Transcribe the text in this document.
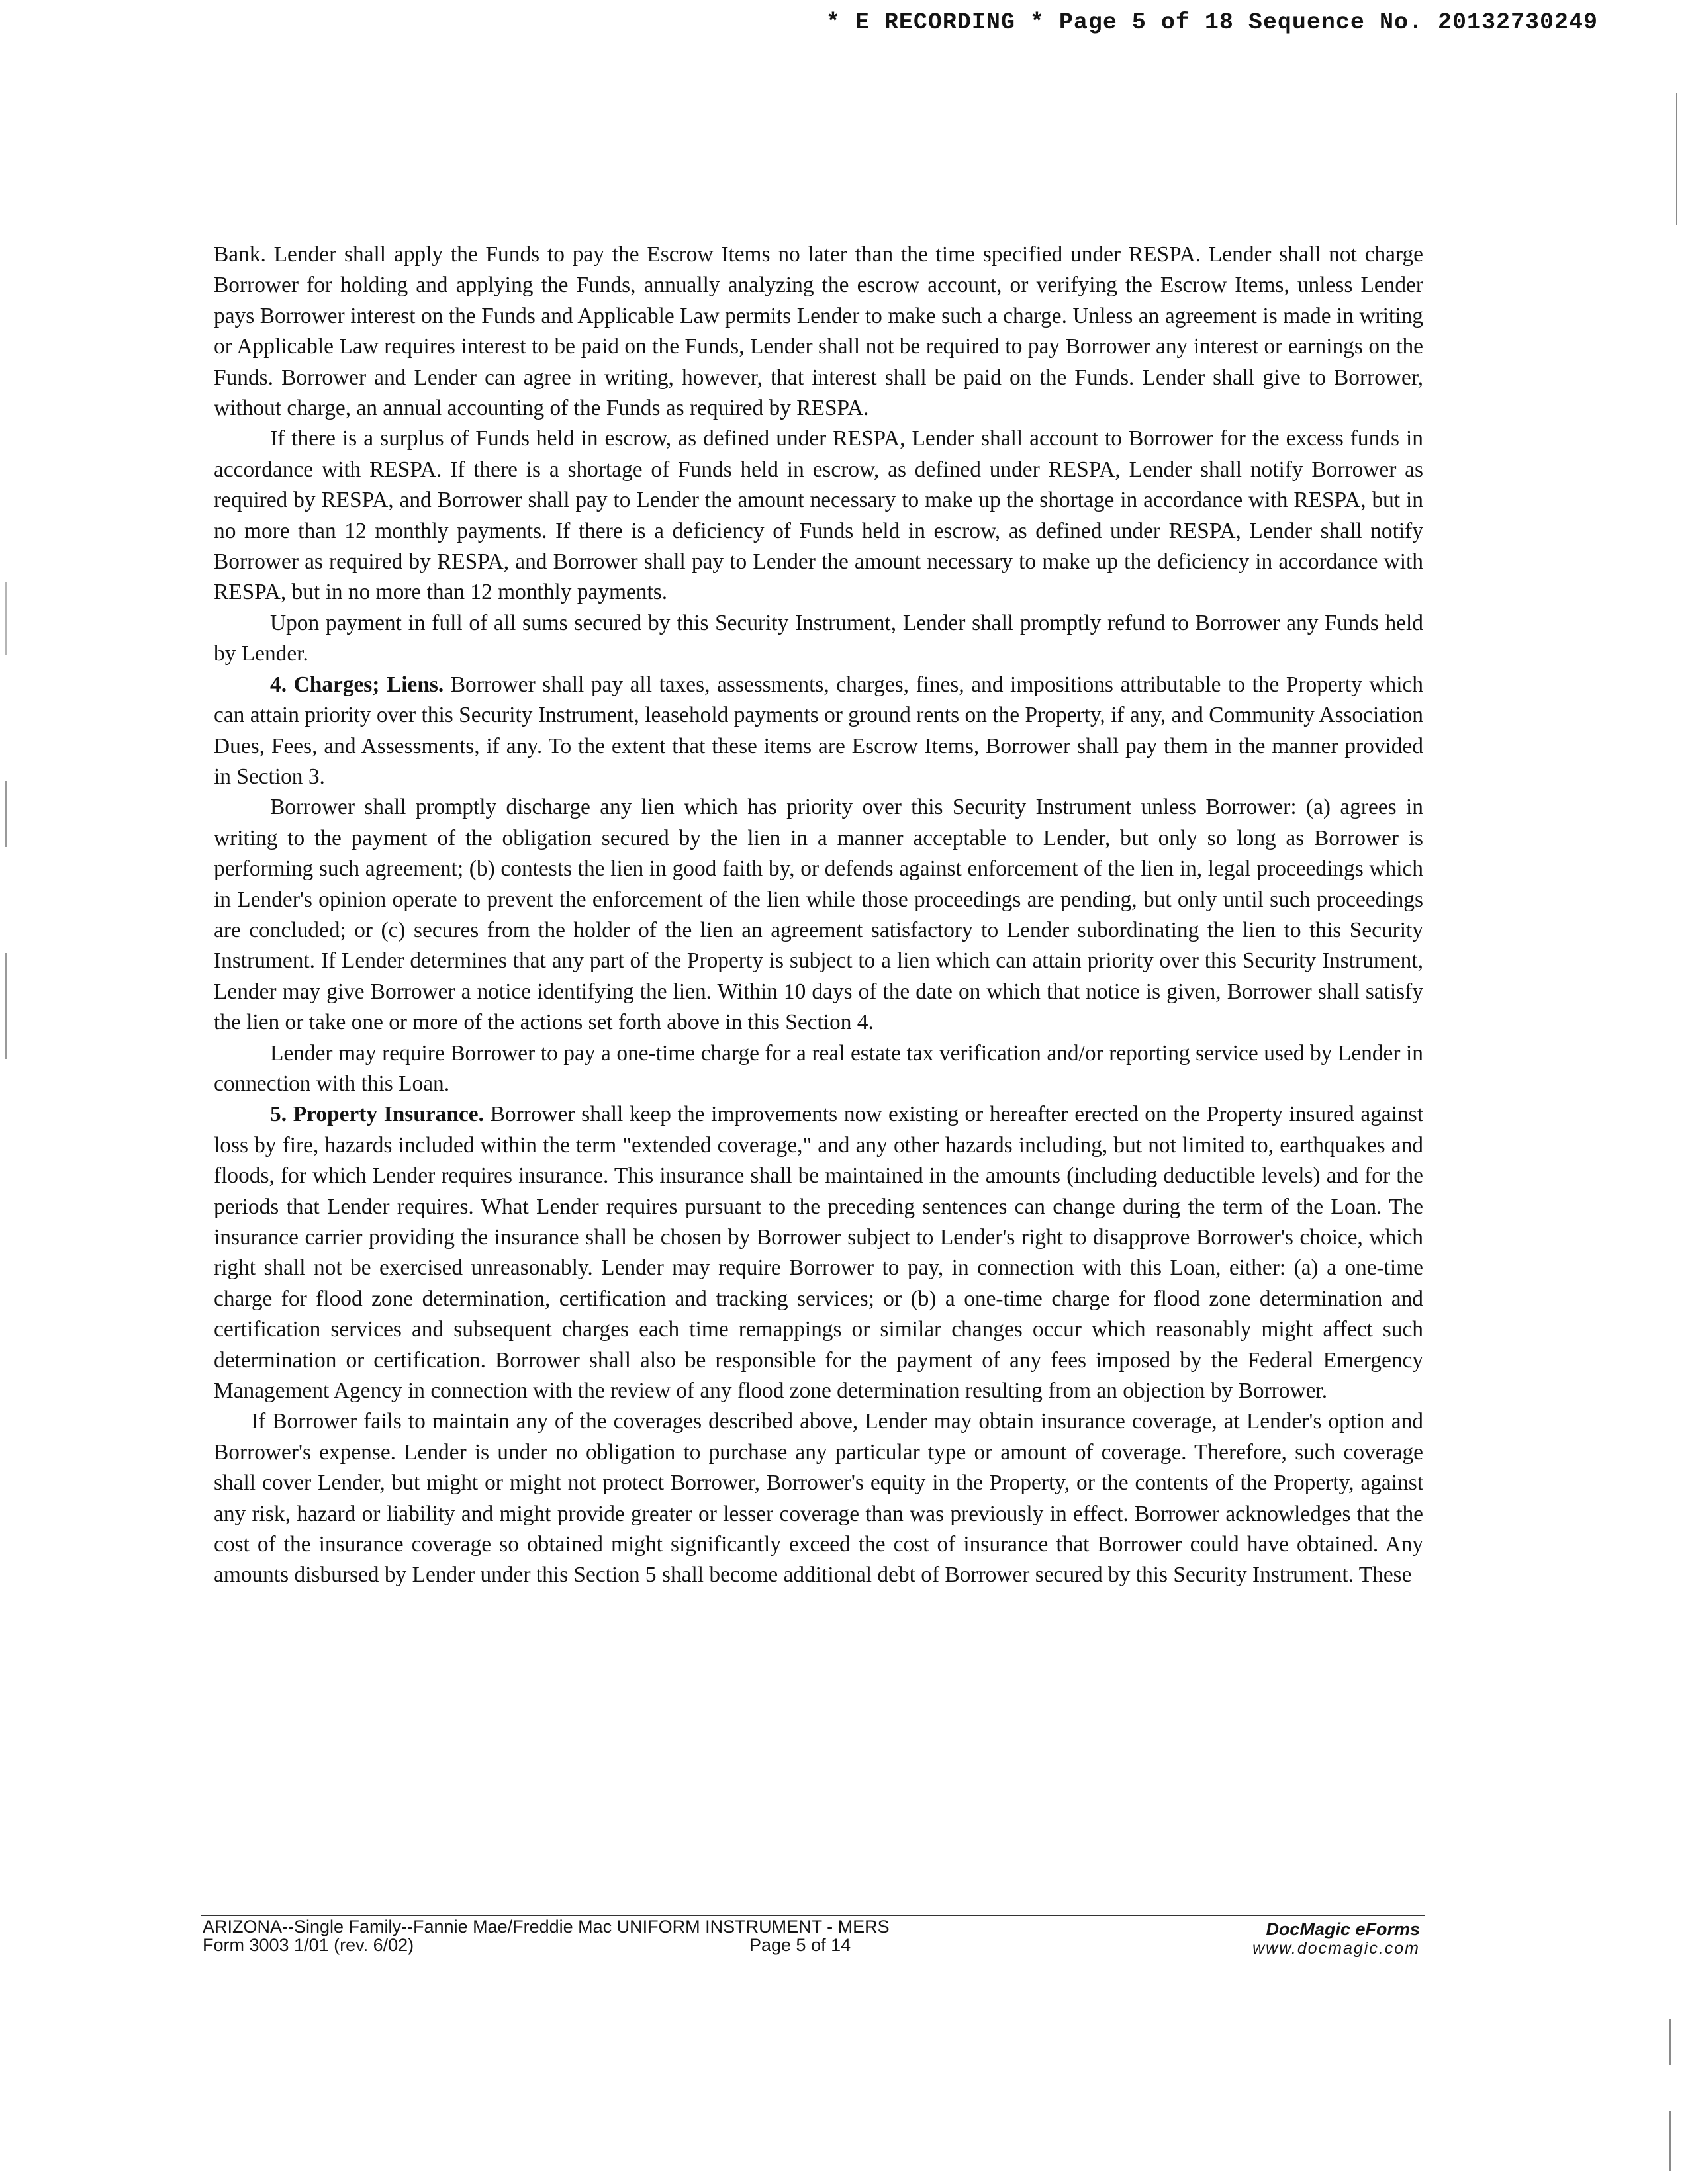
* E RECORDING * Page 5 of 18 Sequence No. 20132730249

Bank. Lender shall apply the Funds to pay the Escrow Items no later than the time specified under RESPA. Lender shall not charge Borrower for holding and applying the Funds, annually analyzing the escrow account, or verifying the Escrow Items, unless Lender pays Borrower interest on the Funds and Applicable Law permits Lender to make such a charge. Unless an agreement is made in writing or Applicable Law requires interest to be paid on the Funds, Lender shall not be required to pay Borrower any interest or earnings on the Funds. Borrower and Lender can agree in writing, however, that interest shall be paid on the Funds. Lender shall give to Borrower, without charge, an annual accounting of the Funds as required by RESPA.

If there is a surplus of Funds held in escrow, as defined under RESPA, Lender shall account to Borrower for the excess funds in accordance with RESPA. If there is a shortage of Funds held in escrow, as defined under RESPA, Lender shall notify Borrower as required by RESPA, and Borrower shall pay to Lender the amount necessary to make up the shortage in accordance with RESPA, but in no more than 12 monthly payments. If there is a deficiency of Funds held in escrow, as defined under RESPA, Lender shall notify Borrower as required by RESPA, and Borrower shall pay to Lender the amount necessary to make up the deficiency in accordance with RESPA, but in no more than 12 monthly payments.

Upon payment in full of all sums secured by this Security Instrument, Lender shall promptly refund to Borrower any Funds held by Lender.

4. Charges; Liens. Borrower shall pay all taxes, assessments, charges, fines, and impositions attributable to the Property which can attain priority over this Security Instrument, leasehold payments or ground rents on the Property, if any, and Community Association Dues, Fees, and Assessments, if any. To the extent that these items are Escrow Items, Borrower shall pay them in the manner provided in Section 3.

Borrower shall promptly discharge any lien which has priority over this Security Instrument unless Borrower: (a) agrees in writing to the payment of the obligation secured by the lien in a manner acceptable to Lender, but only so long as Borrower is performing such agreement; (b) contests the lien in good faith by, or defends against enforcement of the lien in, legal proceedings which in Lender's opinion operate to prevent the enforcement of the lien while those proceedings are pending, but only until such proceedings are concluded; or (c) secures from the holder of the lien an agreement satisfactory to Lender subordinating the lien to this Security Instrument. If Lender determines that any part of the Property is subject to a lien which can attain priority over this Security Instrument, Lender may give Borrower a notice identifying the lien. Within 10 days of the date on which that notice is given, Borrower shall satisfy the lien or take one or more of the actions set forth above in this Section 4.

Lender may require Borrower to pay a one-time charge for a real estate tax verification and/or reporting service used by Lender in connection with this Loan.

5. Property Insurance. Borrower shall keep the improvements now existing or hereafter erected on the Property insured against loss by fire, hazards included within the term "extended coverage," and any other hazards including, but not limited to, earthquakes and floods, for which Lender requires insurance. This insurance shall be maintained in the amounts (including deductible levels) and for the periods that Lender requires. What Lender requires pursuant to the preceding sentences can change during the term of the Loan. The insurance carrier providing the insurance shall be chosen by Borrower subject to Lender's right to disapprove Borrower's choice, which right shall not be exercised unreasonably. Lender may require Borrower to pay, in connection with this Loan, either: (a) a one-time charge for flood zone determination, certification and tracking services; or (b) a one-time charge for flood zone determination and certification services and subsequent charges each time remappings or similar changes occur which reasonably might affect such determination or certification. Borrower shall also be responsible for the payment of any fees imposed by the Federal Emergency Management Agency in connection with the review of any flood zone determination resulting from an objection by Borrower.

If Borrower fails to maintain any of the coverages described above, Lender may obtain insurance coverage, at Lender's option and Borrower's expense. Lender is under no obligation to purchase any particular type or amount of coverage. Therefore, such coverage shall cover Lender, but might or might not protect Borrower, Borrower's equity in the Property, or the contents of the Property, against any risk, hazard or liability and might provide greater or lesser coverage than was previously in effect. Borrower acknowledges that the cost of the insurance coverage so obtained might significantly exceed the cost of insurance that Borrower could have obtained. Any amounts disbursed by Lender under this Section 5 shall become additional debt of Borrower secured by this Security Instrument. These

ARIZONA--Single Family--Fannie Mae/Freddie Mac UNIFORM INSTRUMENT - MERS
Form 3003 1/01 (rev. 6/02)	Page 5 of 14
DocMagic eForms
www.docmagic.com
